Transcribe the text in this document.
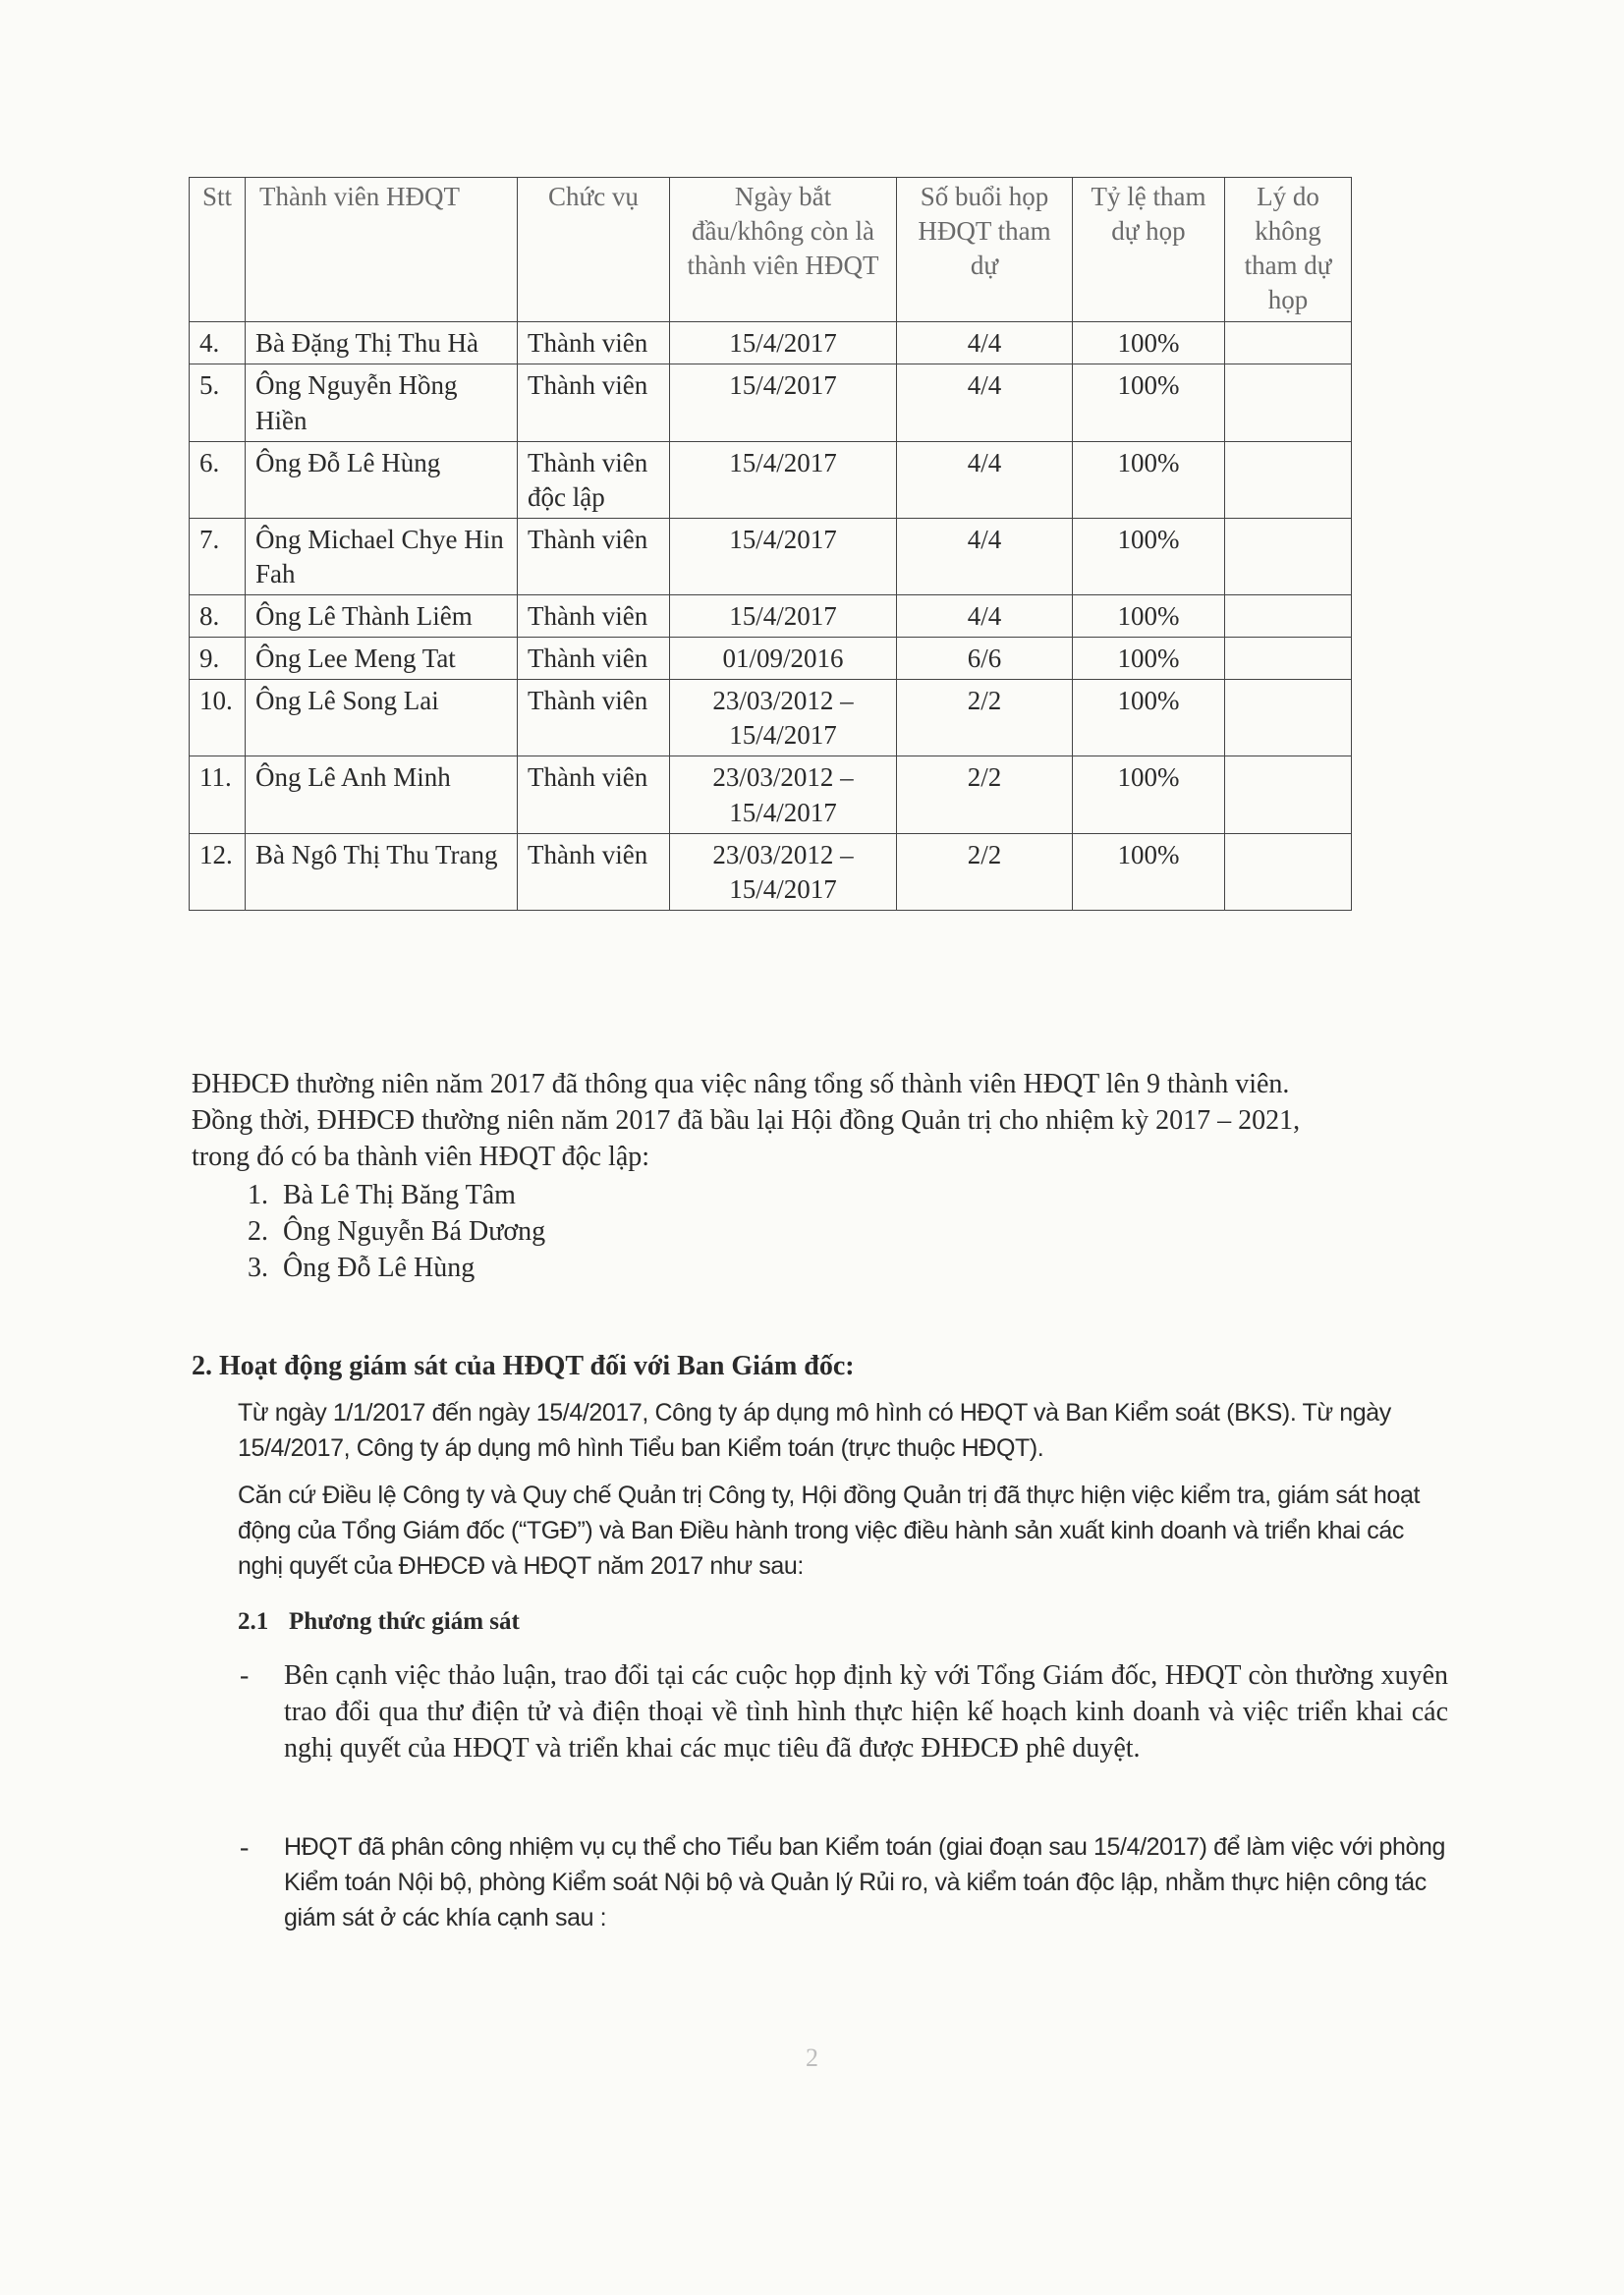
Stt	Thành viên HĐQT	Chức vụ	Ngày bắt đầu/không còn là thành viên HĐQT	Số buổi họp HĐQT tham dự	Tỷ lệ tham dự họp	Lý do không tham dự họp
4.	Bà Đặng Thị Thu Hà	Thành viên	15/4/2017	4/4	100%	
5.	Ông Nguyễn Hồng Hiền	Thành viên	15/4/2017	4/4	100%	
6.	Ông Đỗ Lê Hùng	Thành viên độc lập	15/4/2017	4/4	100%	
7.	Ông Michael Chye Hin Fah	Thành viên	15/4/2017	4/4	100%	
8.	Ông Lê Thành Liêm	Thành viên	15/4/2017	4/4	100%	
9.	Ông Lee Meng Tat	Thành viên	01/09/2016	6/6	100%	
10.	Ông Lê Song Lai	Thành viên	23/03/2012 – 15/4/2017	2/2	100%	
11.	Ông Lê Anh Minh	Thành viên	23/03/2012 – 15/4/2017	2/2	100%	
12.	Bà Ngô Thị Thu Trang	Thành viên	23/03/2012 – 15/4/2017	2/2	100%	

ĐHĐCĐ thường niên năm 2017 đã thông qua việc nâng tổng số thành viên HĐQT lên 9 thành viên.

Đồng thời, ĐHĐCĐ thường niên năm 2017 đã bầu lại Hội đồng Quản trị cho nhiệm kỳ 2017 – 2021,

trong đó có ba thành viên HĐQT độc lập:

1. Bà Lê Thị Băng Tâm
2. Ông Nguyễn Bá Dương
3. Ông Đỗ Lê Hùng

2. Hoạt động giám sát của HĐQT đối với Ban Giám đốc:

Từ ngày 1/1/2017 đến ngày 15/4/2017, Công ty áp dụng mô hình có HĐQT và Ban Kiểm soát (BKS). Từ ngày

15/4/2017, Công ty áp dụng mô hình Tiểu ban Kiểm toán (trực thuộc HĐQT).

Căn cứ Điều lệ Công ty và Quy chế Quản trị Công ty, Hội đồng Quản trị đã thực hiện việc kiểm tra, giám sát hoạt

động của Tổng Giám đốc (“TGĐ”) và Ban Điều hành trong việc điều hành sản xuất kinh doanh và triển khai các

nghị quyết của ĐHĐCĐ và HĐQT năm 2017 như sau:

2.1 Phương thức giám sát

-	Bên cạnh việc thảo luận, trao đổi tại các cuộc họp định kỳ với Tổng Giám đốc, HĐQT còn thường xuyên trao đổi qua thư điện tử và điện thoại về tình hình thực hiện kế hoạch kinh doanh và việc triển khai các nghị quyết của HĐQT và triển khai các mục tiêu đã được ĐHĐCĐ phê duyệt.
-	HĐQT đã phân công nhiệm vụ cụ thể cho Tiểu ban Kiểm toán (giai đoạn sau 15/4/2017) để làm việc với phòng Kiểm toán Nội bộ, phòng Kiểm soát Nội bộ và Quản lý Rủi ro, và kiểm toán độc lập, nhằm thực hiện công tác giám sát ở các khía cạnh sau :
2
